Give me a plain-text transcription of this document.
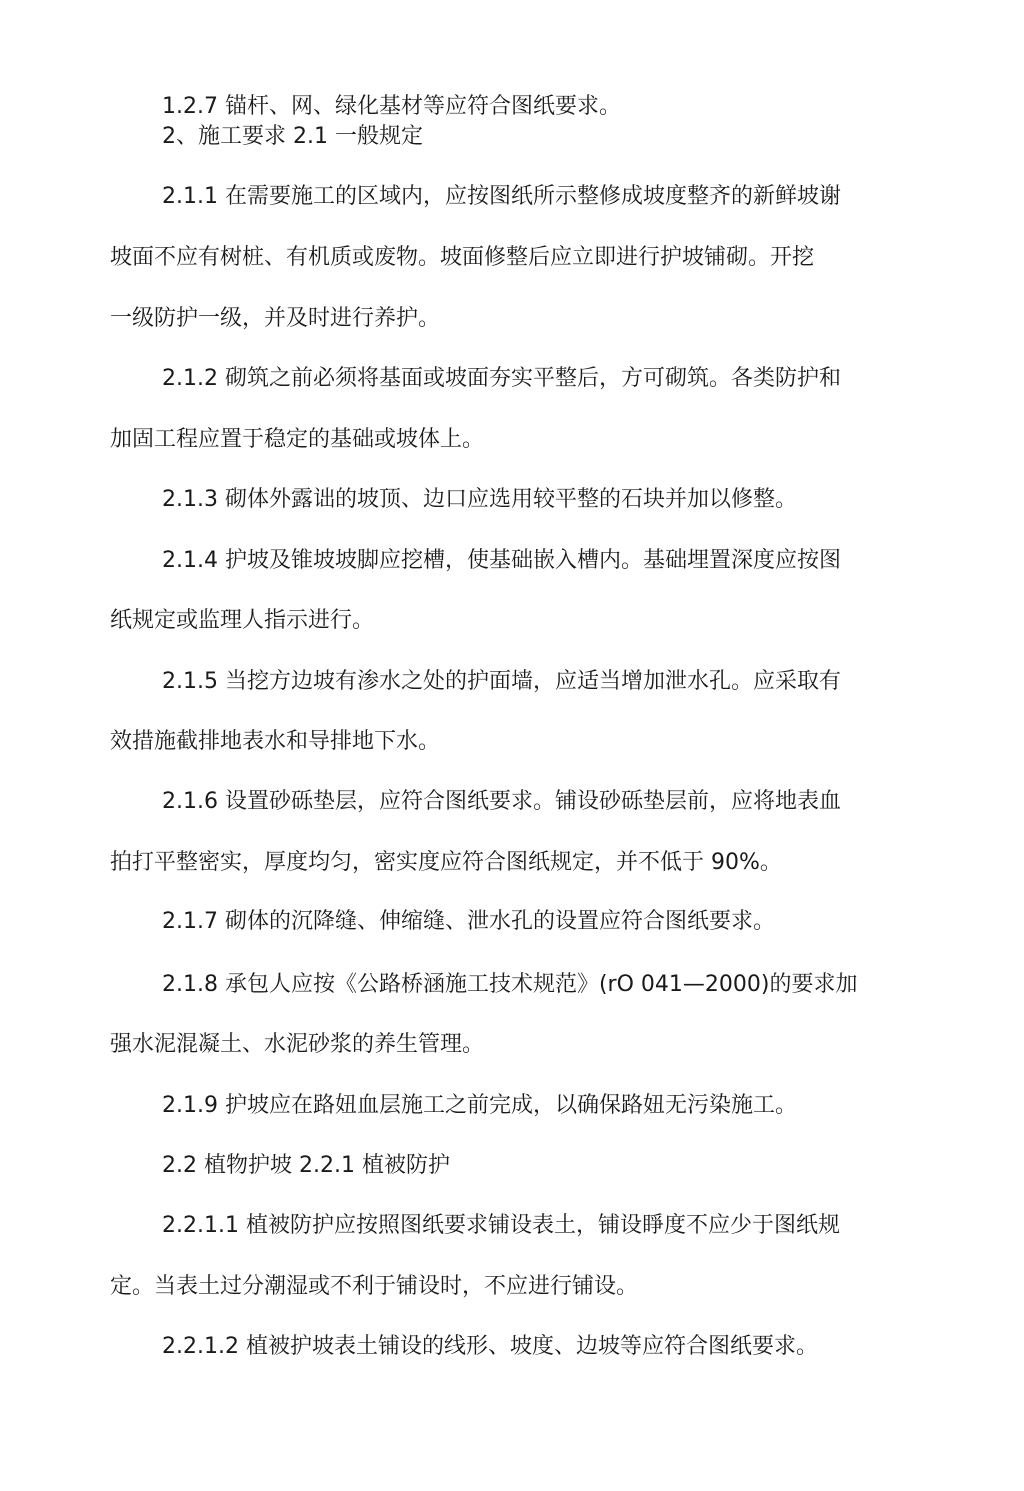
1.2.7 锚杆、网、绿化基材等应符合图纸要求。

2、施工要求 2.1 一般规定

2.1.1 在需要施工的区域内，应按图纸所示整修成坡度整齐的新鲜坡谢

坡面不应有树桩、有机质或废物。坡面修整后应立即进行护坡铺砌。开挖

一级防护一级，并及时进行养护。

2.1.2 砌筑之前必须将基面或坡面夯实平整后，方可砌筑。各类防护和

加固工程应置于稳定的基础或坡体上。

2.1.3 砌体外露诎的坡顶、边口应选用较平整的石块并加以修整。

2.1.4 护坡及锥坡坡脚应挖槽，使基础嵌入槽内。基础埋置深度应按图

纸规定或监理人指示进行。

2.1.5 当挖方边坡有渗水之处的护面墙，应适当增加泄水孔。应采取有

效措施截排地表水和导排地下水。

2.1.6 设置砂砾垫层，应符合图纸要求。铺设砂砾垫层前，应将地表血

拍打平整密实，厚度均匀，密实度应符合图纸规定，并不低于 90%。

2.1.7 砌体的沉降缝、伸缩缝、泄水孔的设置应符合图纸要求。

2.1.8 承包人应按《公路桥涵施工技术规范》(rO 041—2000)的要求加

强水泥混凝土、水泥砂浆的养生管理。

2.1.9 护坡应在路妞血层施工之前完成，以确保路妞无污染施工。

2.2 植物护坡 2.2.1 植被防护

2.2.1.1 植被防护应按照图纸要求铺设表土，铺设睜度不应少于图纸规

定。当表土过分潮湿或不利于铺设时，不应进行铺设。

2.2.1.2 植被护坡表土铺设的线形、坡度、边坡等应符合图纸要求。
